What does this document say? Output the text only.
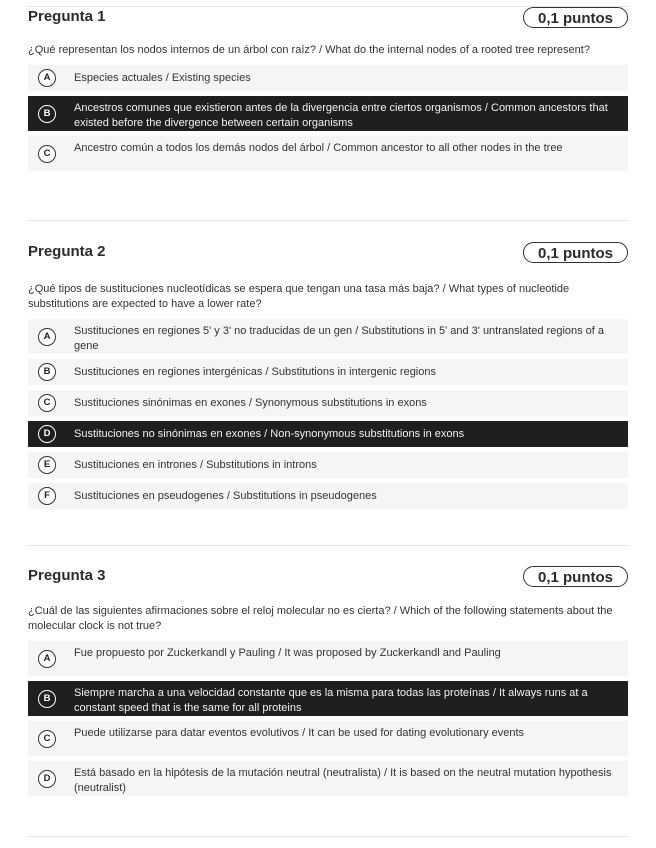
Pregunta 1	0,1 puntos

¿Qué representan los nodos internos de un árbol con raíz? / What do the internal nodes of a rooted tree represent?

A	Especies actuales / Existing species
B	Ancestros comunes que existieron antes de la divergencia entre ciertos organismos / Common ancestors that existed before the divergence between certain organisms
C	Ancestro común a todos los demás nodos del árbol / Common ancestor to all other nodes in the tree
Pregunta 2	0,1 puntos

¿Qué tipos de sustituciones nucleotídicas se espera que tengan una tasa más baja? / What types of nucleotide substitutions are expected to have a lower rate?

A	Sustituciones en regiones 5' y 3' no traducidas de un gen / Substitutions in 5' and 3' untranslated regions of a gene
B	Sustituciones en regiones intergénicas / Substitutions in intergenic regions
C	Sustituciones sinónimas en exones / Synonymous substitutions in exons
D	Sustituciones no sinónimas en exones / Non-synonymous substitutions in exons
E	Sustituciones en intrones / Substitutions in introns
F	Sustituciones en pseudogenes / Substitutions in pseudogenes
Pregunta 3	0,1 puntos

¿Cuál de las siguientes afirmaciones sobre el reloj molecular no es cierta? / Which of the following statements about the molecular clock is not true?

A	Fue propuesto por Zuckerkandl y Pauling / It was proposed by Zuckerkandl and Pauling
B	Siempre marcha a una velocidad constante que es la misma para todas las proteínas / It always runs at a constant speed that is the same for all proteins
C	Puede utilizarse para datar eventos evolutivos / It can be used for dating evolutionary events
D	Está basado en la hipótesis de la mutación neutral (neutralista) / It is based on the neutral mutation hypothesis (neutralist)
